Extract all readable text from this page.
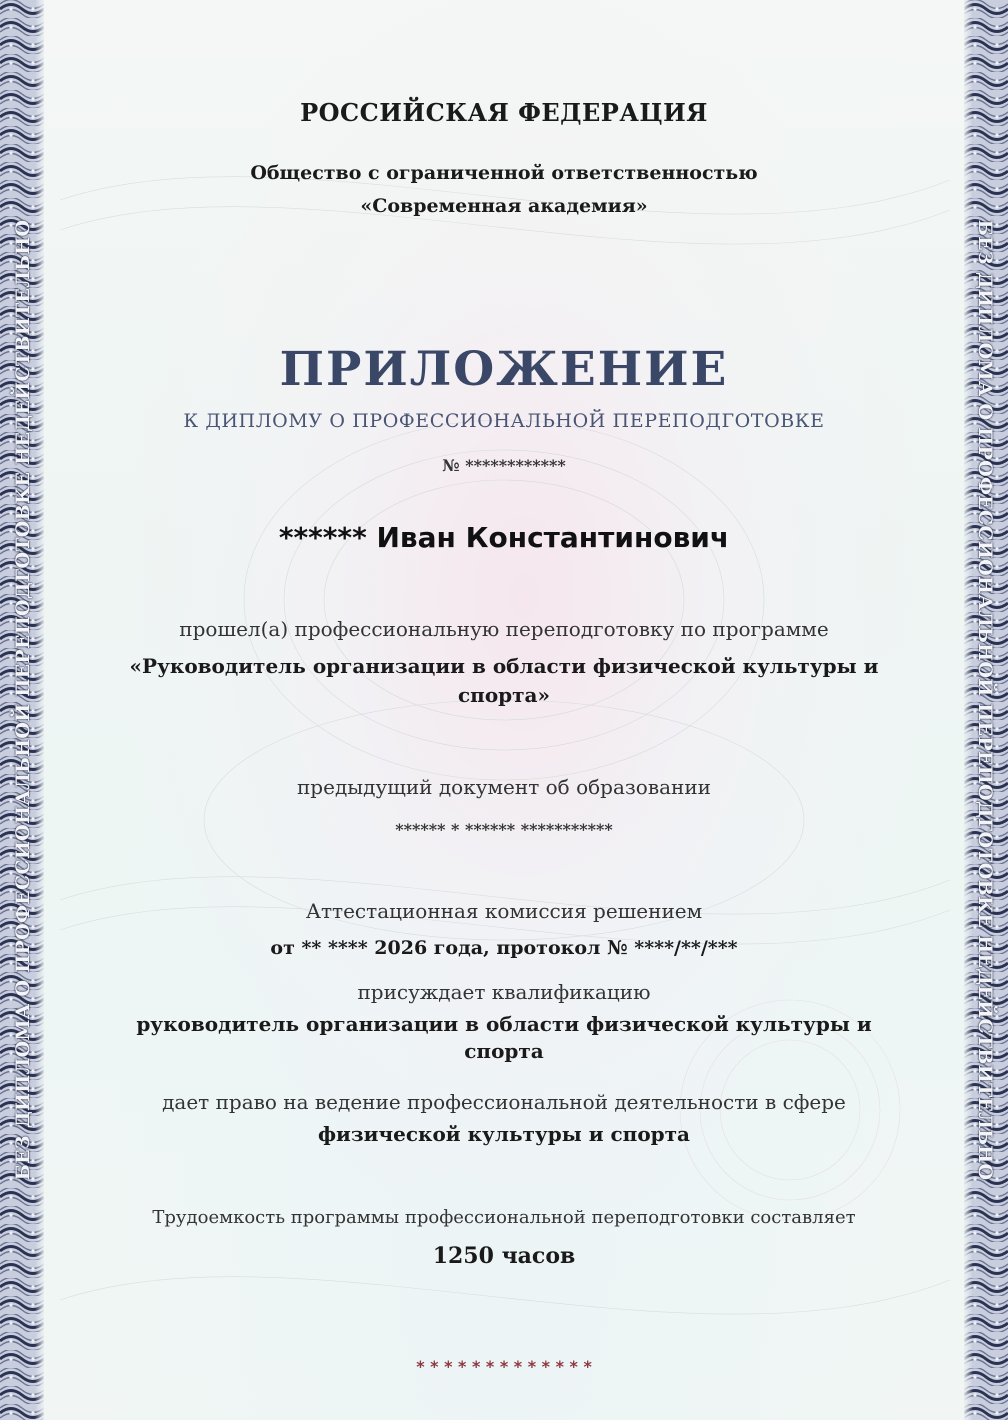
БЕЗ ДИПЛОМА О ПРОФЕССИОНАЛЬНОЙ ПЕРЕПОДГОТОВКЕ НЕДЕЙСТВИТЕЛЬНО	БЕЗ ДИПЛОМА О ПРОФЕССИОНАЛЬНОЙ ПЕРЕПОДГОТОВКЕ НЕДЕЙСТВИТЕЛЬНО

РОССИЙСКАЯ ФЕДЕРАЦИЯ

Общество с ограниченной ответственностью

«Современная академия»

ПРИЛОЖЕНИЕ

К ДИПЛОМУ О ПРОФЕССИОНАЛЬНОЙ ПЕРЕПОДГОТОВКЕ

№ ************

****** Иван Константинович

прошел(а) профессиональную переподготовку по программе

«Руководитель организации в области физической культуры и

спорта»

предыдущий документ об образовании

****** * ****** ***********

Аттестационная комиссия решением

от ** **** 2026 года, протокол № ****/**/***

присуждает квалификацию

руководитель организации в области физической культуры и

спорта

дает право на ведение профессиональной деятельности в сфере

физической культуры и спорта

Трудоемкость программы профессиональной переподготовки составляет

1250 часов

* * * * * * * * * * * * *
